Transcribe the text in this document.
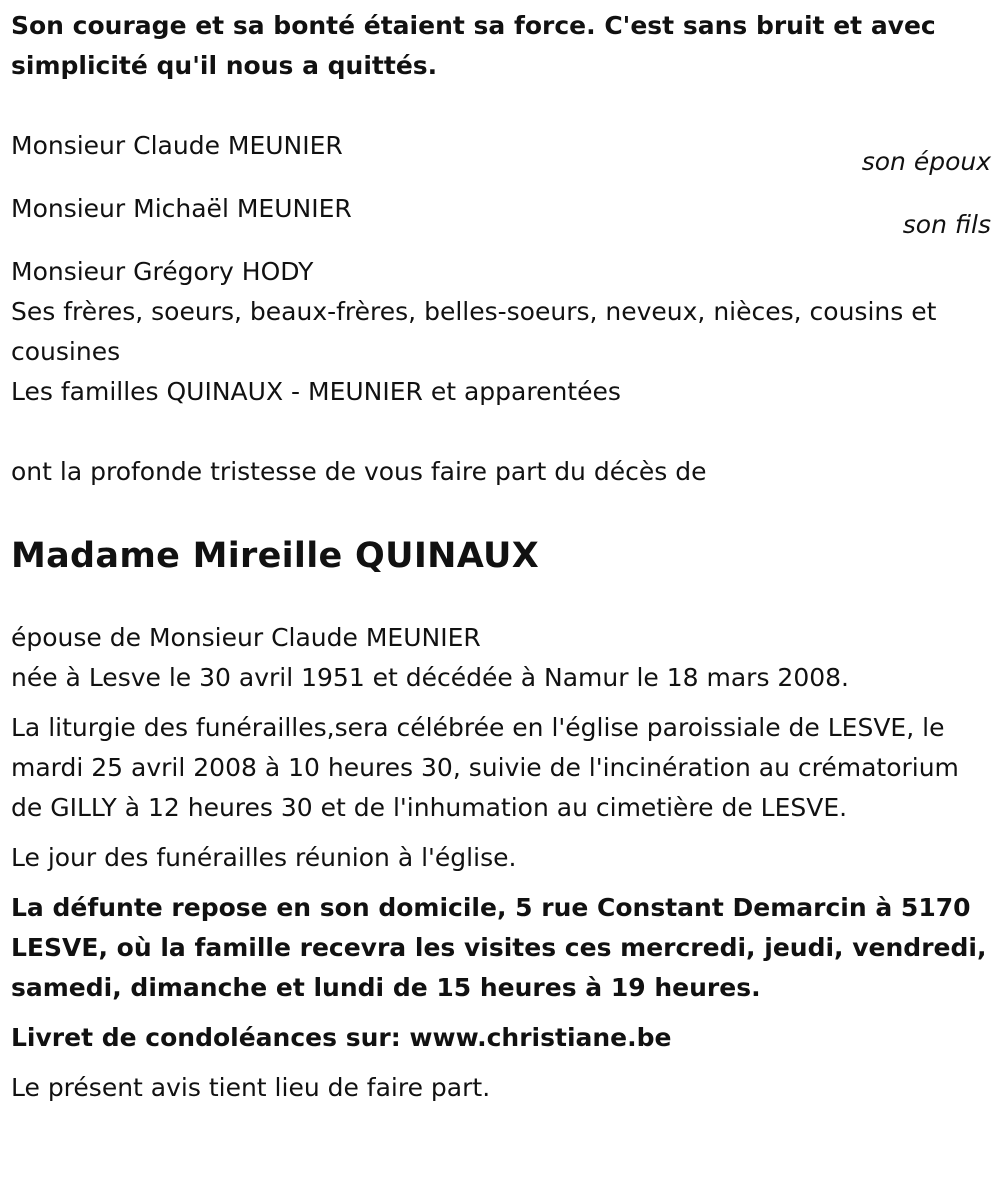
Son courage et sa bonté étaient sa force. C'est sans bruit et avec simplicité qu'il nous a quittés.

Monsieur Claude MEUNIER

son époux

Monsieur Michaël MEUNIER

son fils

Monsieur Grégory HODY

Ses frères, soeurs, beaux-frères, belles-soeurs, neveux, nièces, cousins et cousines

Les familles QUINAUX - MEUNIER et apparentées

ont la profonde tristesse de vous faire part du décès de

Madame Mireille QUINAUX

épouse de Monsieur Claude MEUNIER

née à Lesve le 30 avril 1951 et décédée à Namur le 18 mars 2008.

La liturgie des funérailles,sera célébrée en l'église paroissiale de LESVE, le mardi 25 avril 2008 à 10 heures 30, suivie de l'incinération au crématorium de GILLY à 12 heures 30 et de l'inhumation au cimetière de LESVE.

Le jour des funérailles réunion à l'église.

La défunte repose en son domicile, 5 rue Constant Demarcin à 5170 LESVE, où la famille recevra les visites ces mercredi, jeudi, vendredi, samedi, dimanche et lundi de 15 heures à 19 heures.

Livret de condoléances sur: www.christiane.be

Le présent avis tient lieu de faire part.
